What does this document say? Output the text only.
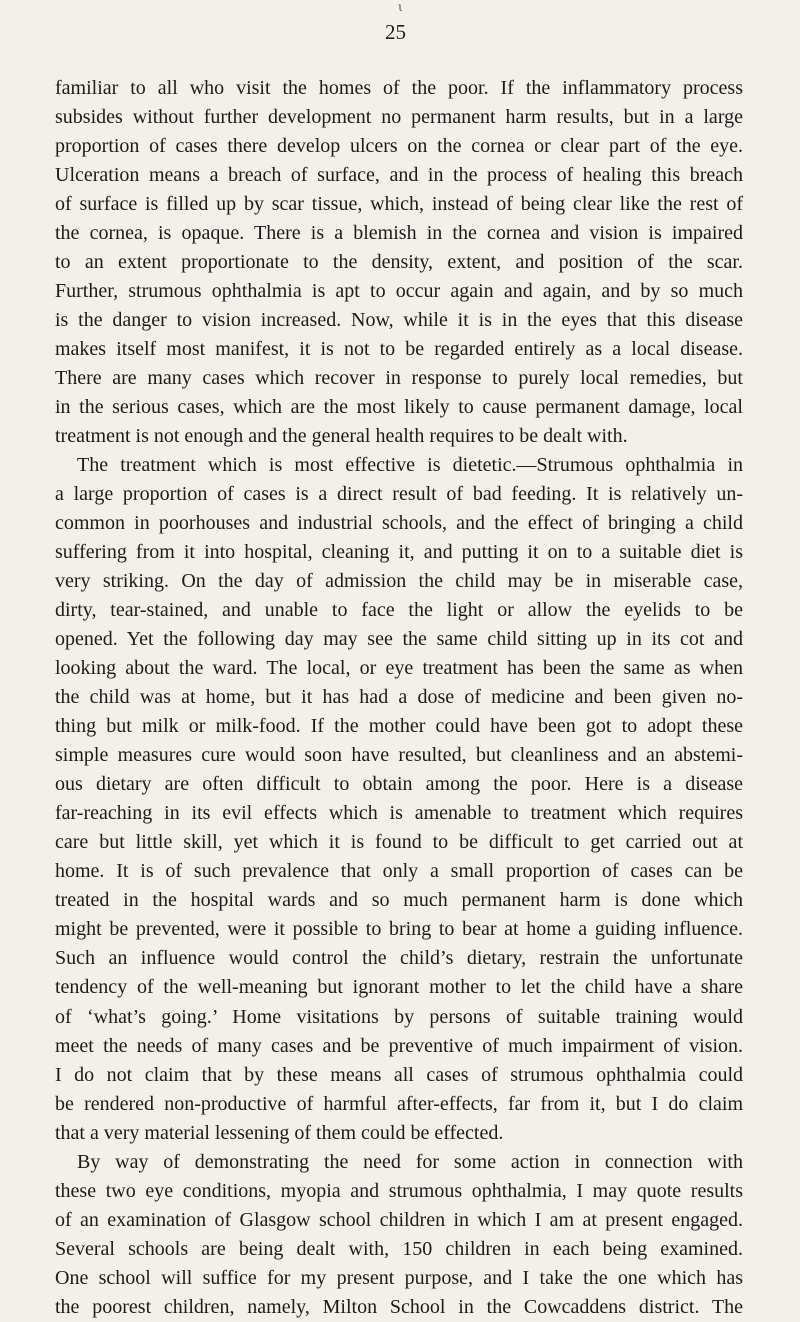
ι
25
familiar to all who visit the homes of the poor. If the inflammatory process
subsides without further development no permanent harm results, but in a large
proportion of cases there develop ulcers on the cornea or clear part of the eye.
Ulceration means a breach of surface, and in the process of healing this breach
of surface is filled up by scar tissue, which, instead of being clear like the rest of
the cornea, is opaque. There is a blemish in the cornea and vision is impaired
to an extent proportionate to the density, extent, and position of the scar.
Further, strumous ophthalmia is apt to occur again and again, and by so much
is the danger to vision increased. Now, while it is in the eyes that this disease
makes itself most manifest, it is not to be regarded entirely as a local disease.
There are many cases which recover in response to purely local remedies, but
in the serious cases, which are the most likely to cause permanent damage, local
treatment is not enough and the general health requires to be dealt with.
The treatment which is most effective is dietetic.—Strumous ophthalmia in
a large proportion of cases is a direct result of bad feeding. It is relatively un-
common in poorhouses and industrial schools, and the effect of bringing a child
suffering from it into hospital, cleaning it, and putting it on to a suitable diet is
very striking. On the day of admission the child may be in miserable case,
dirty, tear-stained, and unable to face the light or allow the eyelids to be
opened. Yet the following day may see the same child sitting up in its cot and
looking about the ward. The local, or eye treatment has been the same as when
the child was at home, but it has had a dose of medicine and been given no-
thing but milk or milk-food. If the mother could have been got to adopt these
simple measures cure would soon have resulted, but cleanliness and an abstemi-
ous dietary are often difficult to obtain among the poor. Here is a disease
far-reaching in its evil effects which is amenable to treatment which requires
care but little skill, yet which it is found to be difficult to get carried out at
home. It is of such prevalence that only a small proportion of cases can be
treated in the hospital wards and so much permanent harm is done which
might be prevented, were it possible to bring to bear at home a guiding influence.
Such an influence would control the child’s dietary, restrain the unfortunate
tendency of the well-meaning but ignorant mother to let the child have a share
of ‘what’s going.’ Home visitations by persons of suitable training would
meet the needs of many cases and be preventive of much impairment of vision.
I do not claim that by these means all cases of strumous ophthalmia could
be rendered non-productive of harmful after-effects, far from it, but I do claim
that a very material lessening of them could be effected.
By way of demonstrating the need for some action in connection with
these two eye conditions, myopia and strumous ophthalmia, I may quote results
of an examination of Glasgow school children in which I am at present engaged.
Several schools are being dealt with, 150 children in each being examined.
One school will suffice for my present purpose, and I take the one which has
the poorest children, namely, Milton School in the Cowcaddens district. The
